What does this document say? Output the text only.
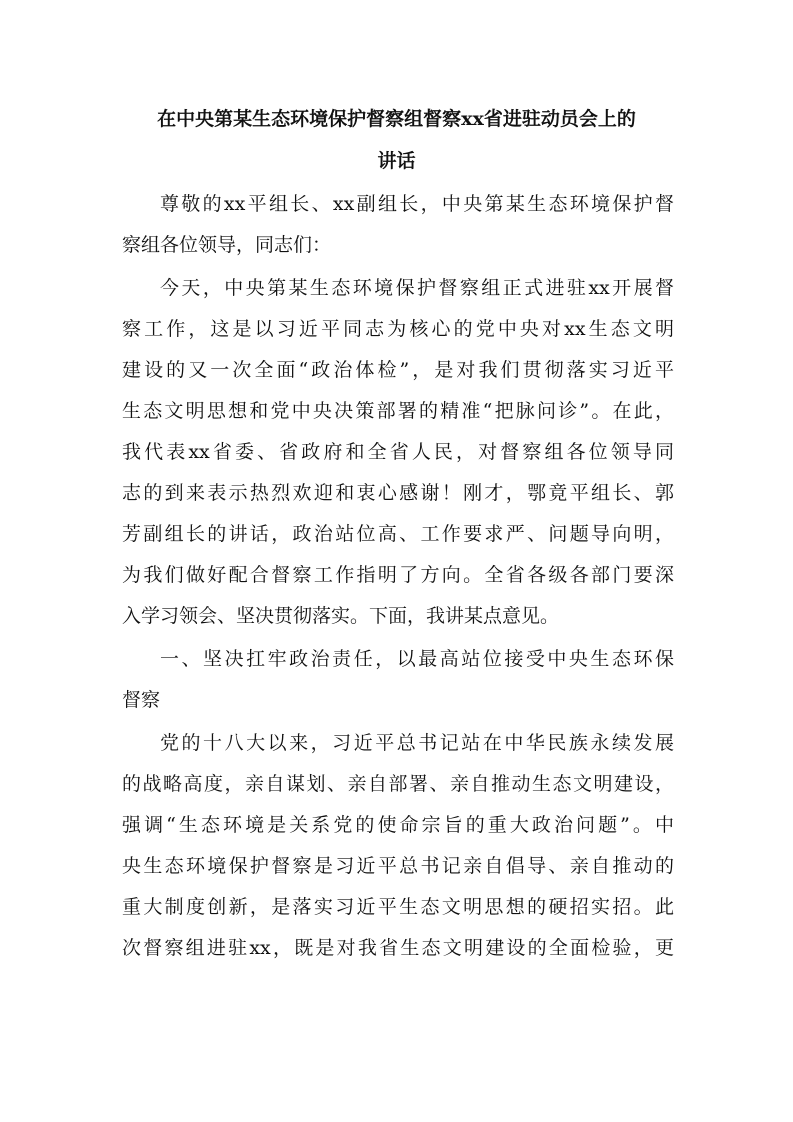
在中央第某生态环境保护督察组督察xx省进驻动员会上的
讲话
尊敬的xx平组长、xx副组长，中央第某生态环境保护督
察组各位领导，同志们：
今天，中央第某生态环境保护督察组正式进驻xx开展督
察工作，这是以习近平同志为核心的党中央对xx生态文明
建设的又一次全面“政治体检”，是对我们贯彻落实习近平
生态文明思想和党中央决策部署的精准“把脉问诊”。在此，
我代表xx省委、省政府和全省人民，对督察组各位领导同
志的到来表示热烈欢迎和衷心感谢！刚才，鄂竟平组长、郭
芳副组长的讲话，政治站位高、工作要求严、问题导向明，
为我们做好配合督察工作指明了方向。全省各级各部门要深
入学习领会、坚决贯彻落实。下面，我讲某点意见。
一、坚决扛牢政治责任，以最高站位接受中央生态环保
督察
党的十八大以来，习近平总书记站在中华民族永续发展
的战略高度，亲自谋划、亲自部署、亲自推动生态文明建设，
强调“生态环境是关系党的使命宗旨的重大政治问题”。中
央生态环境保护督察是习近平总书记亲自倡导、亲自推动的
重大制度创新，是落实习近平生态文明思想的硬招实招。此
次督察组进驻xx，既是对我省生态文明建设的全面检验，更
